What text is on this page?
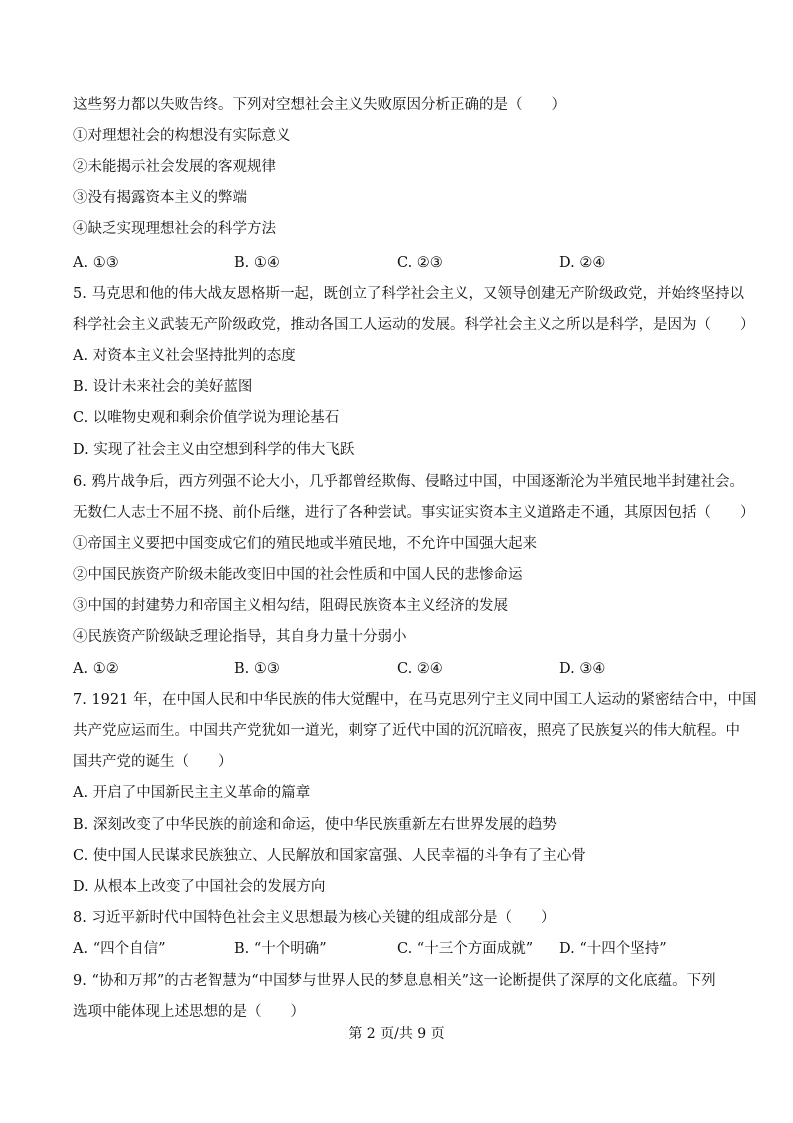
这些努力都以失败告终。下列对空想社会主义失败原因分析正确的是（　　）
①对理想社会的构想没有实际意义
②未能揭示社会发展的客观规律
③没有揭露资本主义的弊端
④缺乏实现理想社会的科学方法
A. ①③	B. ①④	C. ②③	D. ②④
5. 马克思和他的伟大战友恩格斯一起，既创立了科学社会主义，又领导创建无产阶级政党，并始终坚持以
科学社会主义武装无产阶级政党，推动各国工人运动的发展。科学社会主义之所以是科学，是因为（　　）
A. 对资本主义社会坚持批判的态度
B. 设计未来社会的美好蓝图
C. 以唯物史观和剩余价值学说为理论基石
D. 实现了社会主义由空想到科学的伟大飞跃
6. 鸦片战争后，西方列强不论大小，几乎都曾经欺侮、侵略过中国，中国逐渐沦为半殖民地半封建社会。
无数仁人志士不屈不挠、前仆后继，进行了各种尝试。事实证实资本主义道路走不通，其原因包括（　　）
①帝国主义要把中国变成它们的殖民地或半殖民地，不允许中国强大起来
②中国民族资产阶级未能改变旧中国的社会性质和中国人民的悲惨命运
③中国的封建势力和帝国主义相勾结，阻碍民族资本主义经济的发展
④民族资产阶级缺乏理论指导，其自身力量十分弱小
A. ①②	B. ①③	C. ②④	D. ③④
7. 1921 年，在中国人民和中华民族的伟大觉醒中，在马克思列宁主义同中国工人运动的紧密结合中，中国
共产党应运而生。中国共产党犹如一道光，刺穿了近代中国的沉沉暗夜，照亮了民族复兴的伟大航程。中
国共产党的诞生（　　）
A. 开启了中国新民主主义革命的篇章
B. 深刻改变了中华民族的前途和命运，使中华民族重新左右世界发展的趋势
C. 使中国人民谋求民族独立、人民解放和国家富强、人民幸福的斗争有了主心骨
D. 从根本上改变了中国社会的发展方向
8. 习近平新时代中国特色社会主义思想最为核心关键的组成部分是（　　）
A. “四个自信”	B. “十个明确”	C. “十三个方面成就” D. “十四个坚持”
9. “协和万邦”的古老智慧为“中国梦与世界人民的梦息息相关”这一论断提供了深厚的文化底蕴。下列
选项中能体现上述思想的是（　　）
第 2 页/共 9 页
